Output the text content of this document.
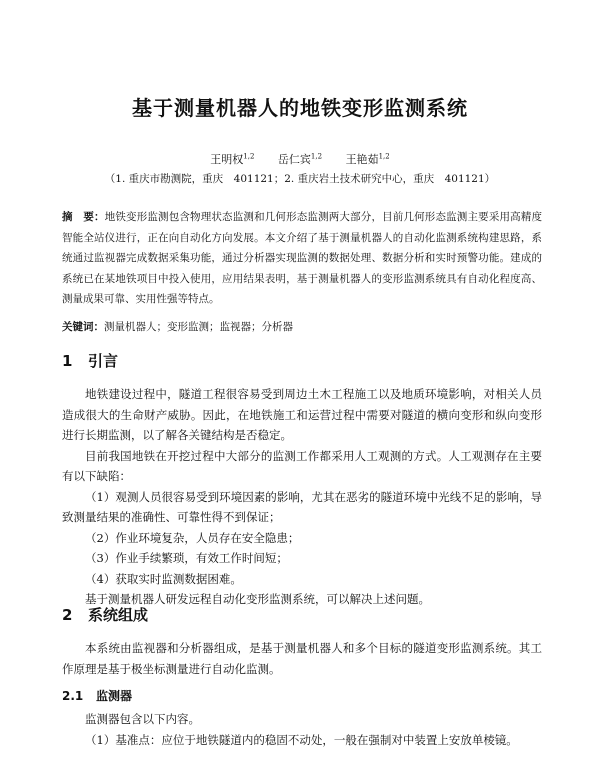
基于测量机器人的地铁变形监测系统
王明权$^{1,2}$ 岳仁宾$^{1,2}$ 王艳茹$^{1,2}$
（1. 重庆市勘测院，重庆　401121；2. 重庆岩土技术研究中心，重庆　401121）
摘　要：地铁变形监测包含物理状态监测和几何形态监测两大部分，目前几何形态监测主要采用高精度智能全站仪进行，正在向自动化方向发展。本文介绍了基于测量机器人的自动化监测系统构建思路，系统通过监视器完成数据采集功能，通过分析器实现监测的数据处理、数据分析和实时预警功能。建成的系统已在某地铁项目中投入使用，应用结果表明，基于测量机器人的变形监测系统具有自动化程度高、测量成果可靠、实用性强等特点。
关键词：测量机器人；变形监测；监视器；分析器
1 引言

地铁建设过程中，隧道工程很容易受到周边土木工程施工以及地质环境影响，对相关人员造成很大的生命财产威胁。因此，在地铁施工和运营过程中需要对隧道的横向变形和纵向变形进行长期监测，以了解各关键结构是否稳定。

目前我国地铁在开挖过程中大部分的监测工作都采用人工观测的方式。人工观测存在主要有以下缺陷：

（1）观测人员很容易受到环境因素的影响，尤其在恶劣的隧道环境中光线不足的影响，导致测量结果的准确性、可靠性得不到保证；

（2）作业环境复杂，人员存在安全隐患；

（3）作业手续繁琐，有效工作时间短；

（4）获取实时监测数据困难。

基于测量机器人研发远程自动化变形监测系统，可以解决上述问题。

2 系统组成

本系统由监视器和分析器组成，是基于测量机器人和多个目标的隧道变形监测系统。其工作原理是基于极坐标测量进行自动化监测。

2.1 监测器

监测器包含以下内容。

（1）基准点：应位于地铁隧道内的稳固不动处，一般在强制对中装置上安放单棱镜。
